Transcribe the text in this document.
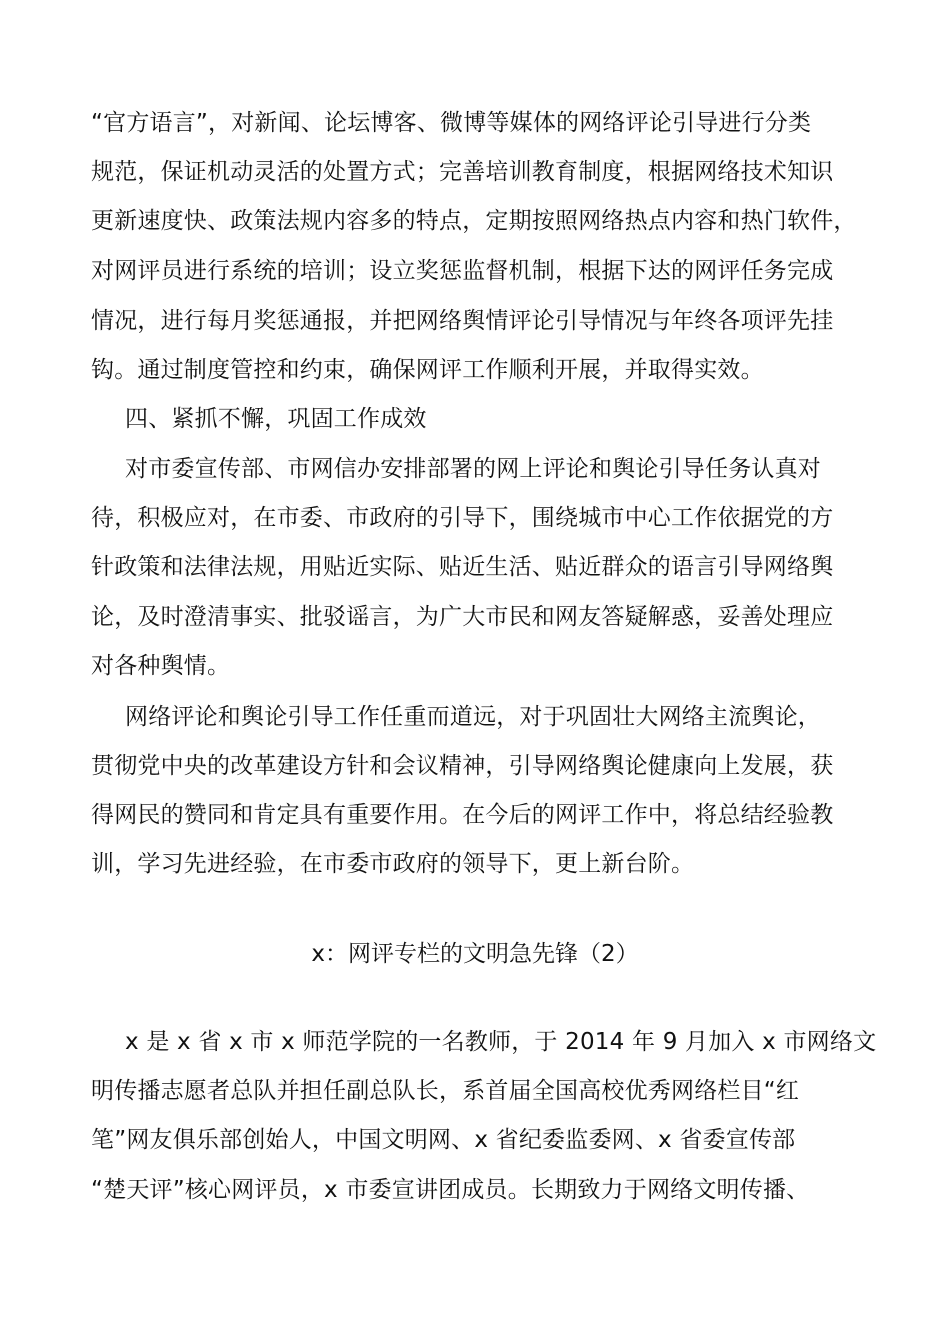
“官方语言”，对新闻、论坛博客、微博等媒体的网络评论引导进行分类
规范，保证机动灵活的处置方式；完善培训教育制度，根据网络技术知识
更新速度快、政策法规内容多的特点，定期按照网络热点内容和热门软件，
对网评员进行系统的培训；设立奖惩监督机制，根据下达的网评任务完成
情况，进行每月奖惩通报，并把网络舆情评论引导情况与年终各项评先挂
钩。通过制度管控和约束，确保网评工作顺利开展，并取得实效。
四、紧抓不懈，巩固工作成效
对市委宣传部、市网信办安排部署的网上评论和舆论引导任务认真对
待，积极应对，在市委、市政府的引导下，围绕城市中心工作依据党的方
针政策和法律法规，用贴近实际、贴近生活、贴近群众的语言引导网络舆
论，及时澄清事实、批驳谣言，为广大市民和网友答疑解惑，妥善处理应
对各种舆情。
网络评论和舆论引导工作任重而道远，对于巩固壮大网络主流舆论，
贯彻党中央的改革建设方针和会议精神，引导网络舆论健康向上发展，获
得网民的赞同和肯定具有重要作用。在今后的网评工作中，将总结经验教
训，学习先进经验，在市委市政府的领导下，更上新台阶。
x：网评专栏的文明急先锋（2）
x 是 x 省 x 市 x 师范学院的一名教师，于 2014 年 9 月加入 x 市网络文
明传播志愿者总队并担任副总队长，系首届全国高校优秀网络栏目“红
笔”网友俱乐部创始人，中国文明网、x 省纪委监委网、x 省委宣传部
“楚天评”核心网评员，x 市委宣讲团成员。长期致力于网络文明传播、
